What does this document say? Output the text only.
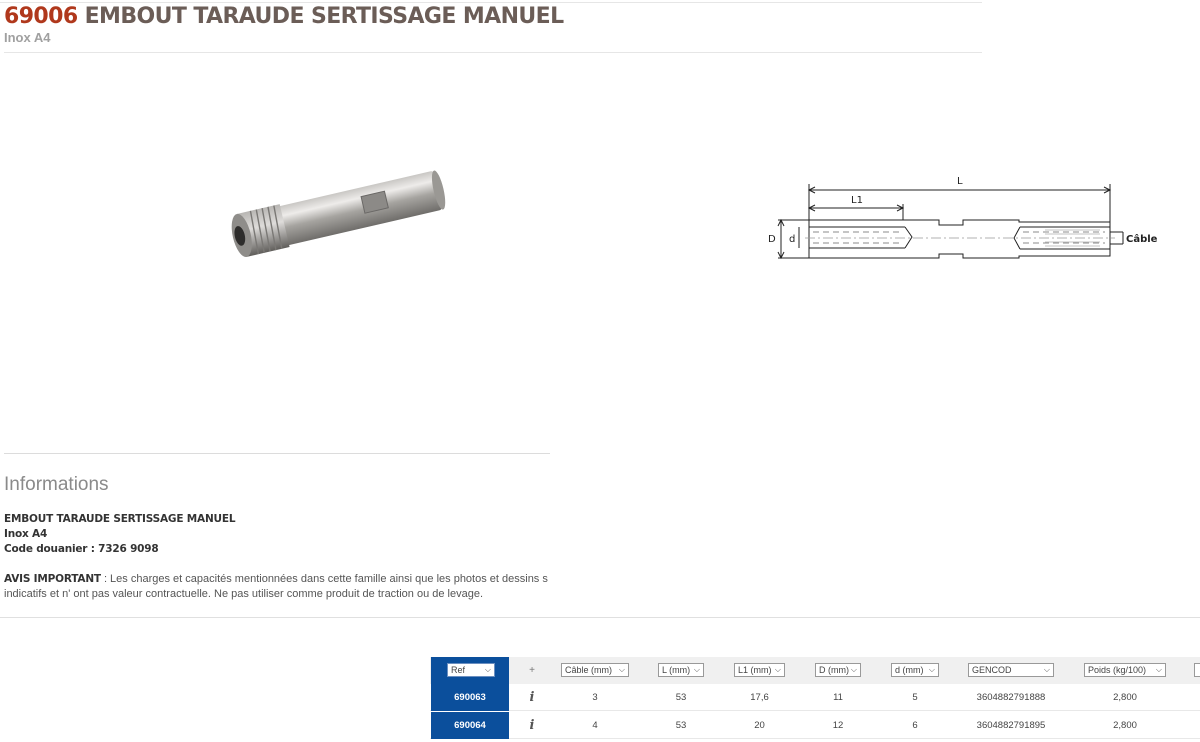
69006 EMBOUT TARAUDE SERTISSAGE MANUEL
Inox A4
L
L1
D d	Câble
Informations
EMBOUT TARAUDE SERTISSAGE MANUEL
Inox A4
Code douanier : 7326 9098
AVIS IMPORTANT : Les charges et capacités mentionnées dans cette famille ainsi que les photos et dessins s
indicatifs et n' ont pas valeur contractuelle. Ne pas utiliser comme produit de traction ou de levage.
Ref ⌵	+	Câble (mm) ⌵	L (mm) ⌵	L1 (mm) ⌵	D (mm) ⌵	d (mm) ⌵	GENCOD	⌵	Poids (kg/100) ⌵
690063	i	3	53	17,6	11	5	3604882791888	2,800
690064	i	4	53	20	12	6	3604882791895	2,800
